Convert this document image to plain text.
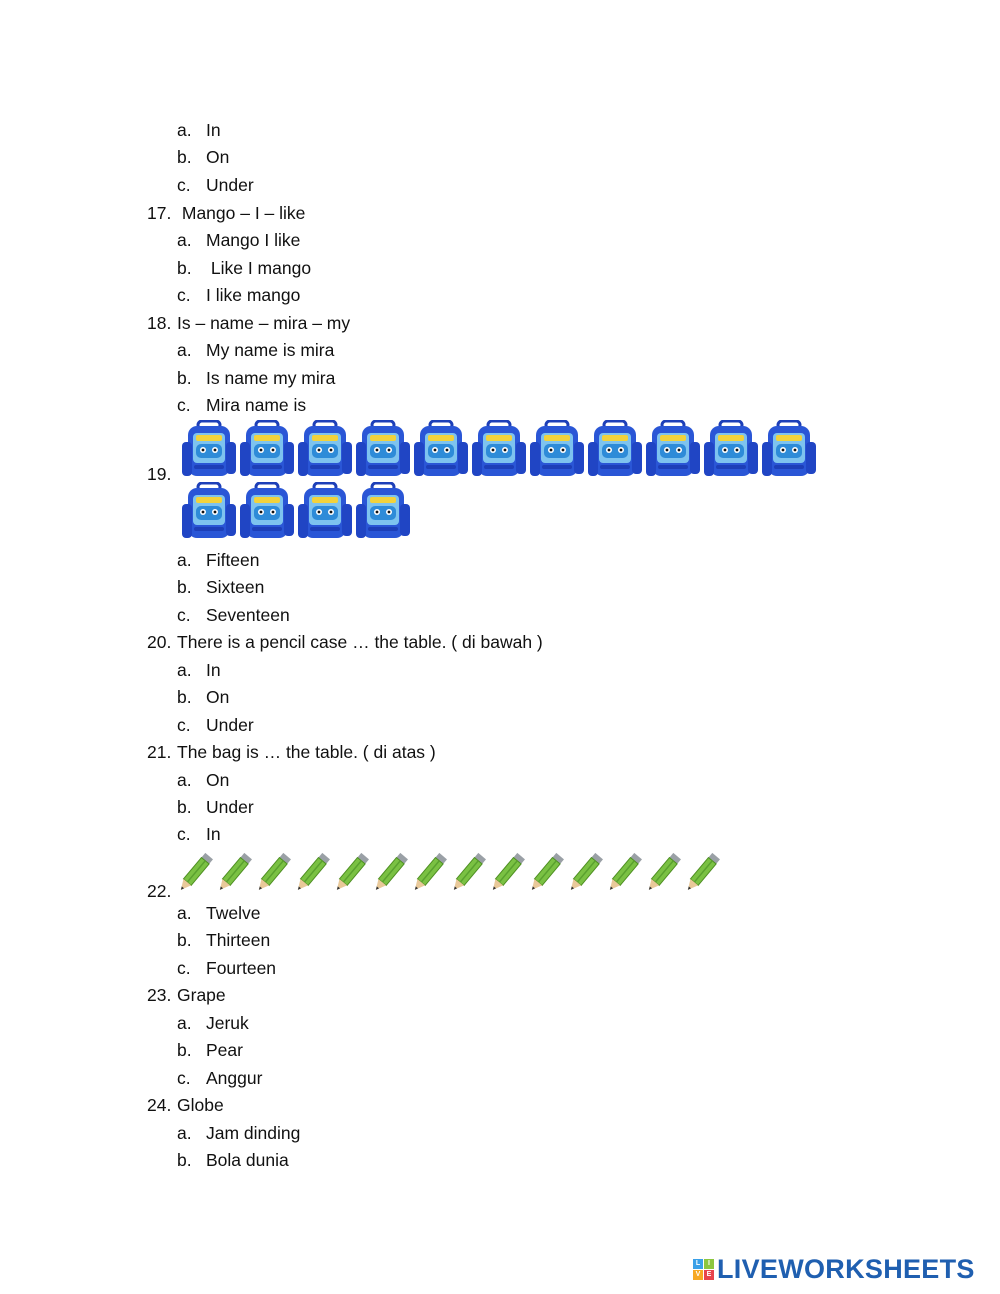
a. In
b. On
c. Under
17. Mango – I – like
a. Mango I like
b. Like I mango
c. I like mango
18. Is – name – mira – my
a. My name is mira
b. Is name my mira
c. Mira name is
19.
a. Fifteen
b. Sixteen
c. Seventeen
20. There is a pencil case … the table. ( di bawah )
a. In
b. On
c. Under
21. The bag is … the table. ( di atas )
a. On
b. Under
c. In
22.
a. Twelve
b. Thirteen
c. Fourteen
23. Grape
a. Jeruk
b. Pear
c. Anggur
24. Globe
a. Jam dinding
b. Bola dunia
L	I
V E LIVEWORKSHEETS
